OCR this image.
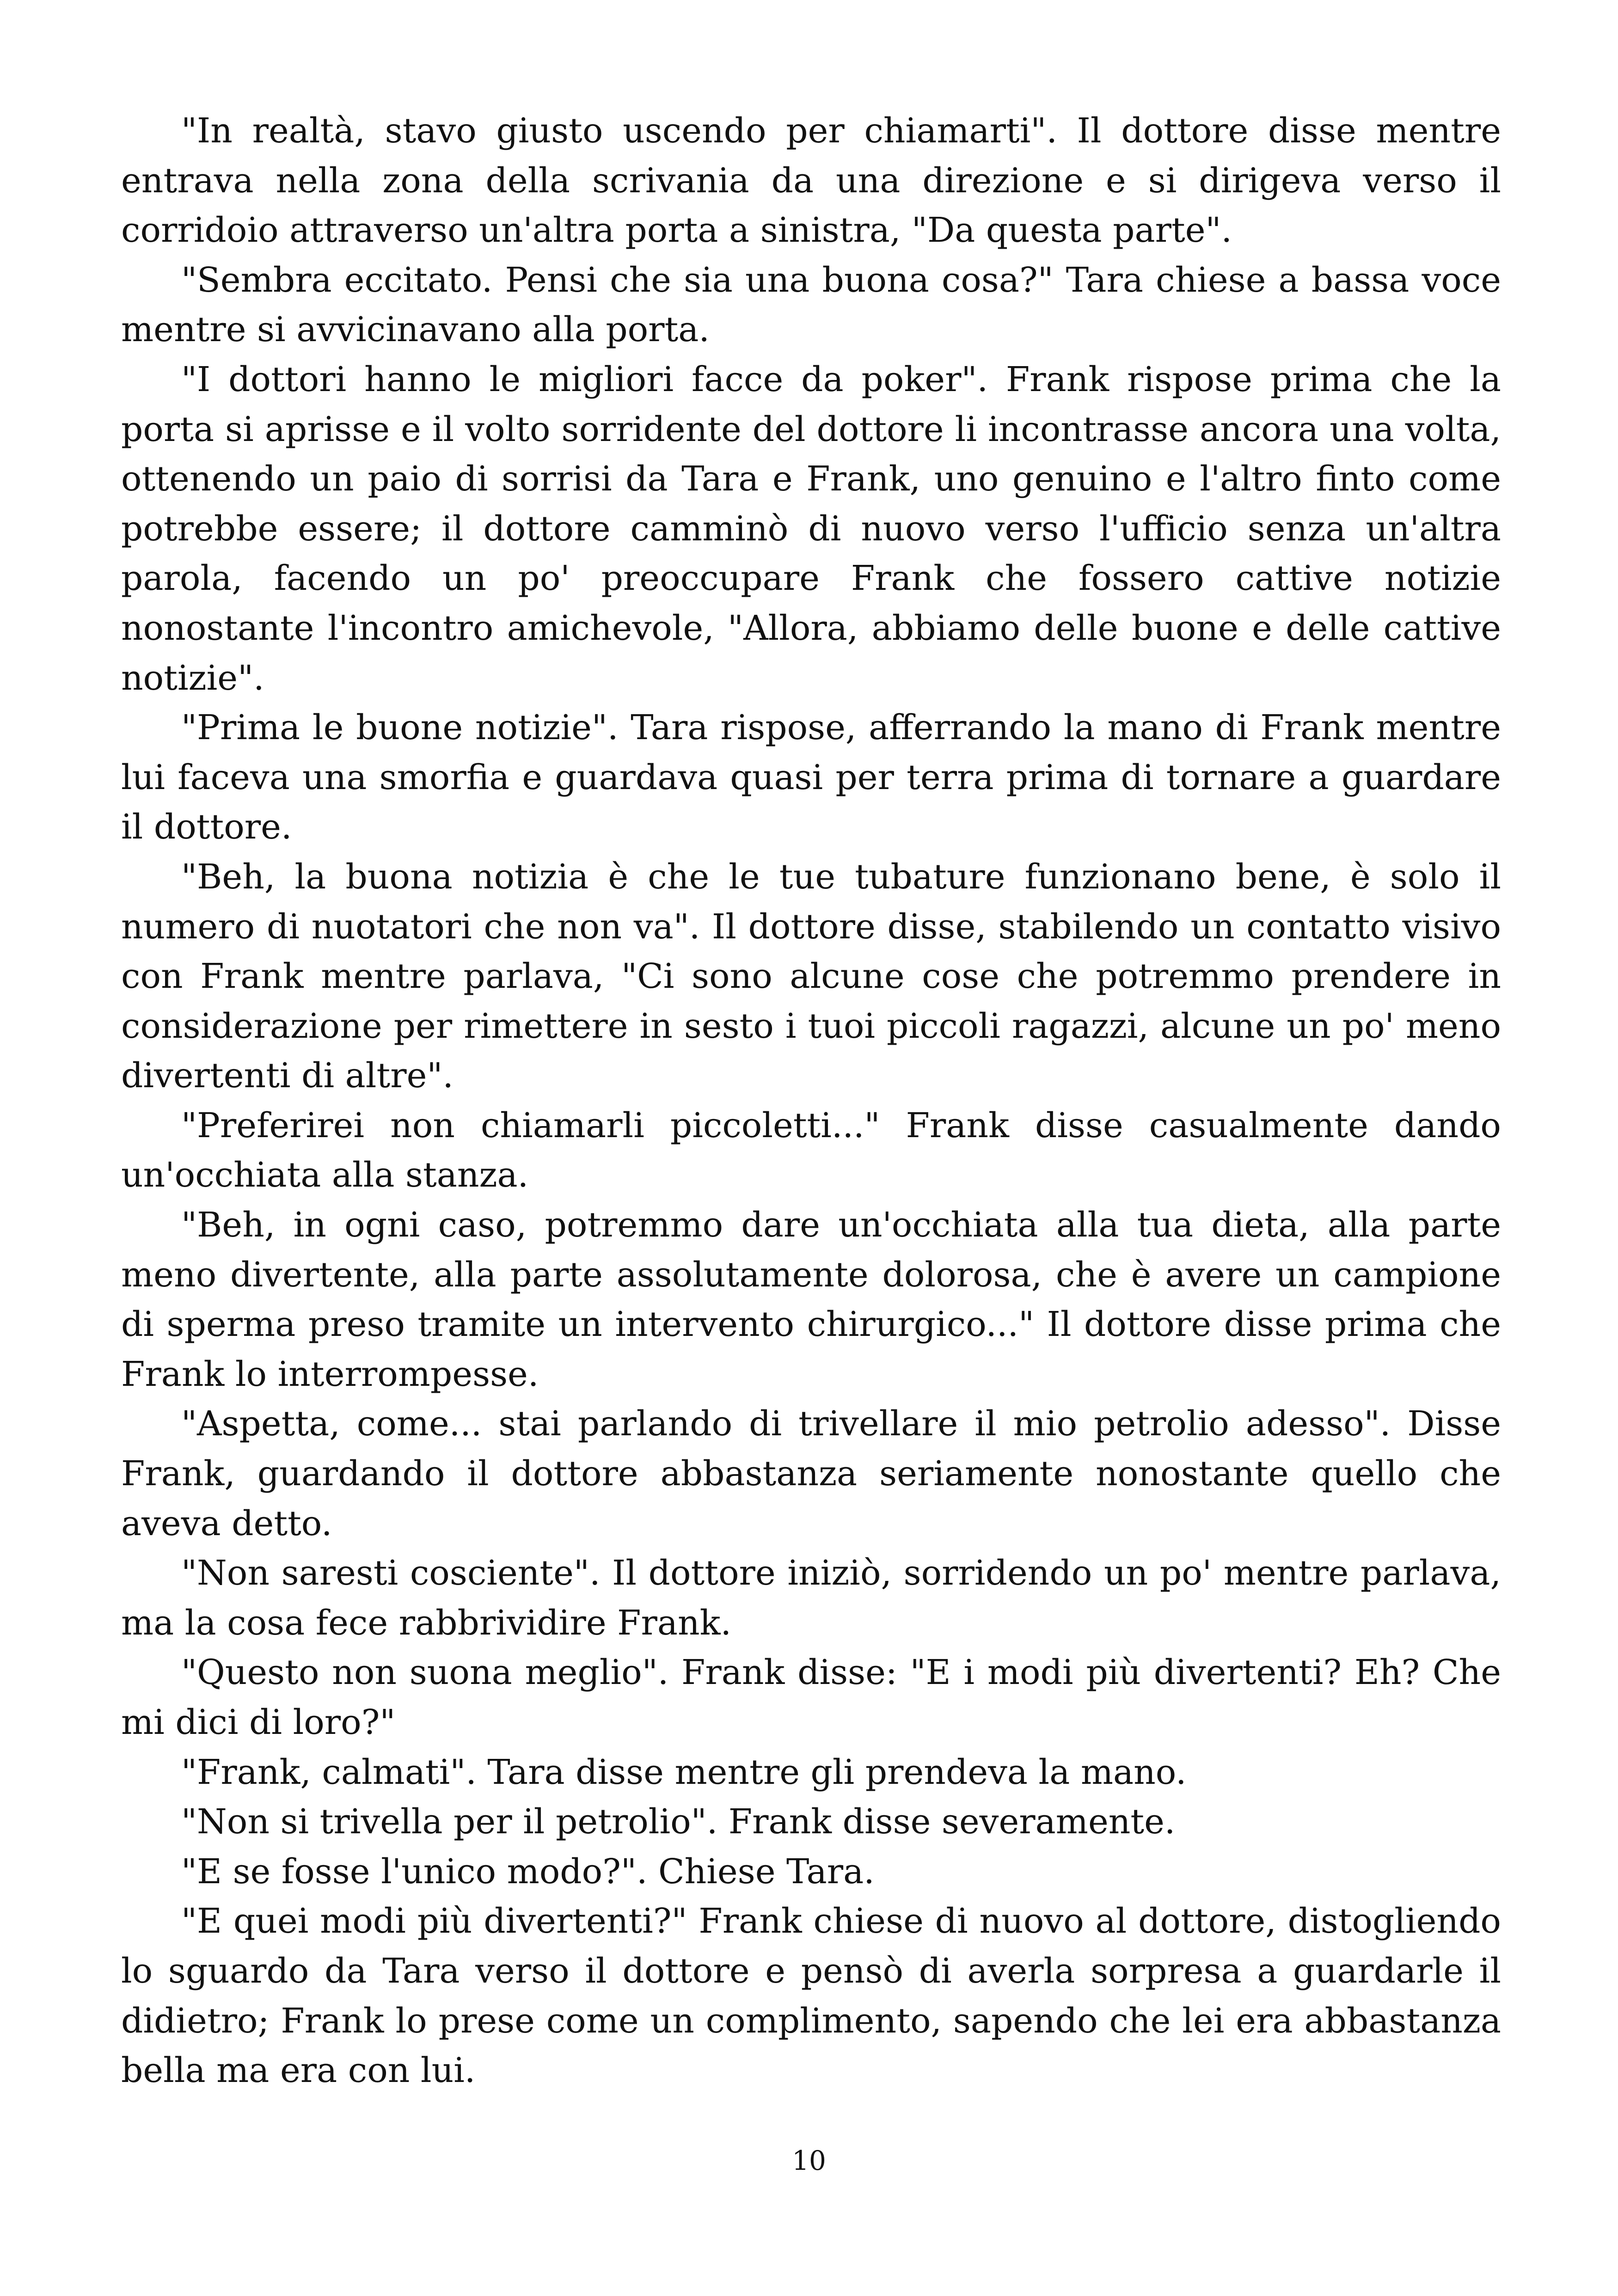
"In realtà, stavo giusto uscendo per chiamarti". Il dottore disse mentre entrava nella zona della scrivania da una direzione e si dirigeva verso il corridoio attraverso un'altra porta a sinistra, "Da questa parte".

"Sembra eccitato. Pensi che sia una buona cosa?" Tara chiese a bassa voce mentre si avvicinavano alla porta.

"I dottori hanno le migliori facce da poker". Frank rispose prima che la porta si aprisse e il volto sorridente del dottore li incontrasse ancora una volta, ottenendo un paio di sorrisi da Tara e Frank, uno genuino e l'altro finto come potrebbe essere; il dottore camminò di nuovo verso l'ufficio senza un'altra parola, facendo un po' preoccupare Frank che fossero cattive notizie nonostante l'incontro amichevole, "Allora, abbiamo delle buone e delle cattive notizie".

"Prima le buone notizie". Tara rispose, afferrando la mano di Frank mentre lui faceva una smorfia e guardava quasi per terra prima di tornare a guardare il dottore.

"Beh, la buona notizia è che le tue tubature funzionano bene, è solo il numero di nuotatori che non va". Il dottore disse, stabilendo un contatto visivo con Frank mentre parlava, "Ci sono alcune cose che potremmo prendere in considerazione per rimettere in sesto i tuoi piccoli ragazzi, alcune un po' meno divertenti di altre".

"Preferirei non chiamarli piccoletti..." Frank disse casualmente dando un'occhiata alla stanza.

"Beh, in ogni caso, potremmo dare un'occhiata alla tua dieta, alla parte meno divertente, alla parte assolutamente dolorosa, che è avere un campione di sperma preso tramite un intervento chirurgico..." Il dottore disse prima che Frank lo interrompesse.

"Aspetta, come... stai parlando di trivellare il mio petrolio adesso". Disse Frank, guardando il dottore abbastanza seriamente nonostante quello che aveva detto.

"Non saresti cosciente". Il dottore iniziò, sorridendo un po' mentre parlava, ma la cosa fece rabbrividire Frank.

"Questo non suona meglio". Frank disse: "E i modi più divertenti? Eh? Che mi dici di loro?"

"Frank, calmati". Tara disse mentre gli prendeva la mano.

"Non si trivella per il petrolio". Frank disse severamente.

"E se fosse l'unico modo?". Chiese Tara.

"E quei modi più divertenti?" Frank chiese di nuovo al dottore, distogliendo lo sguardo da Tara verso il dottore e pensò di averla sorpresa a guardarle il didietro; Frank lo prese come un complimento, sapendo che lei era abbastanza bella ma era con lui.

10
